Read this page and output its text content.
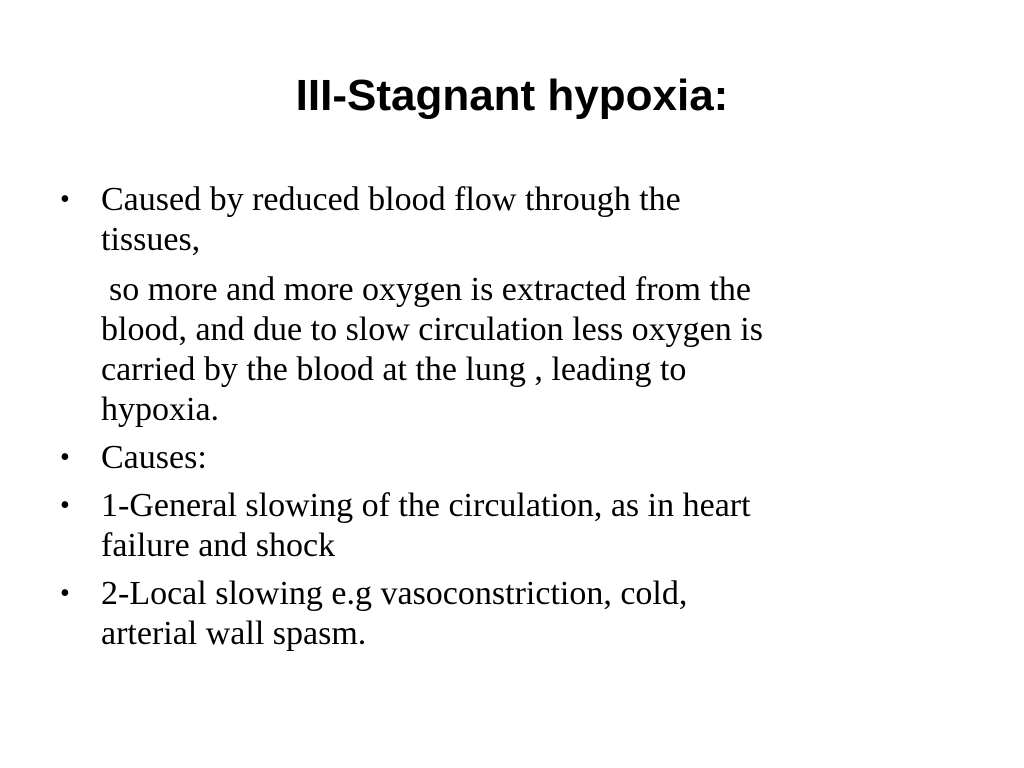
III-Stagnant hypoxia:
• Caused by reduced blood flow through the
tissues,
so more and more oxygen is extracted from the
blood, and due to slow circulation less oxygen is
carried by the blood at the lung , leading to
hypoxia.
• Causes:
• 1-General slowing of the circulation, as in heart
failure and shock
• 2-Local slowing e.g vasoconstriction, cold,
arterial wall spasm.
